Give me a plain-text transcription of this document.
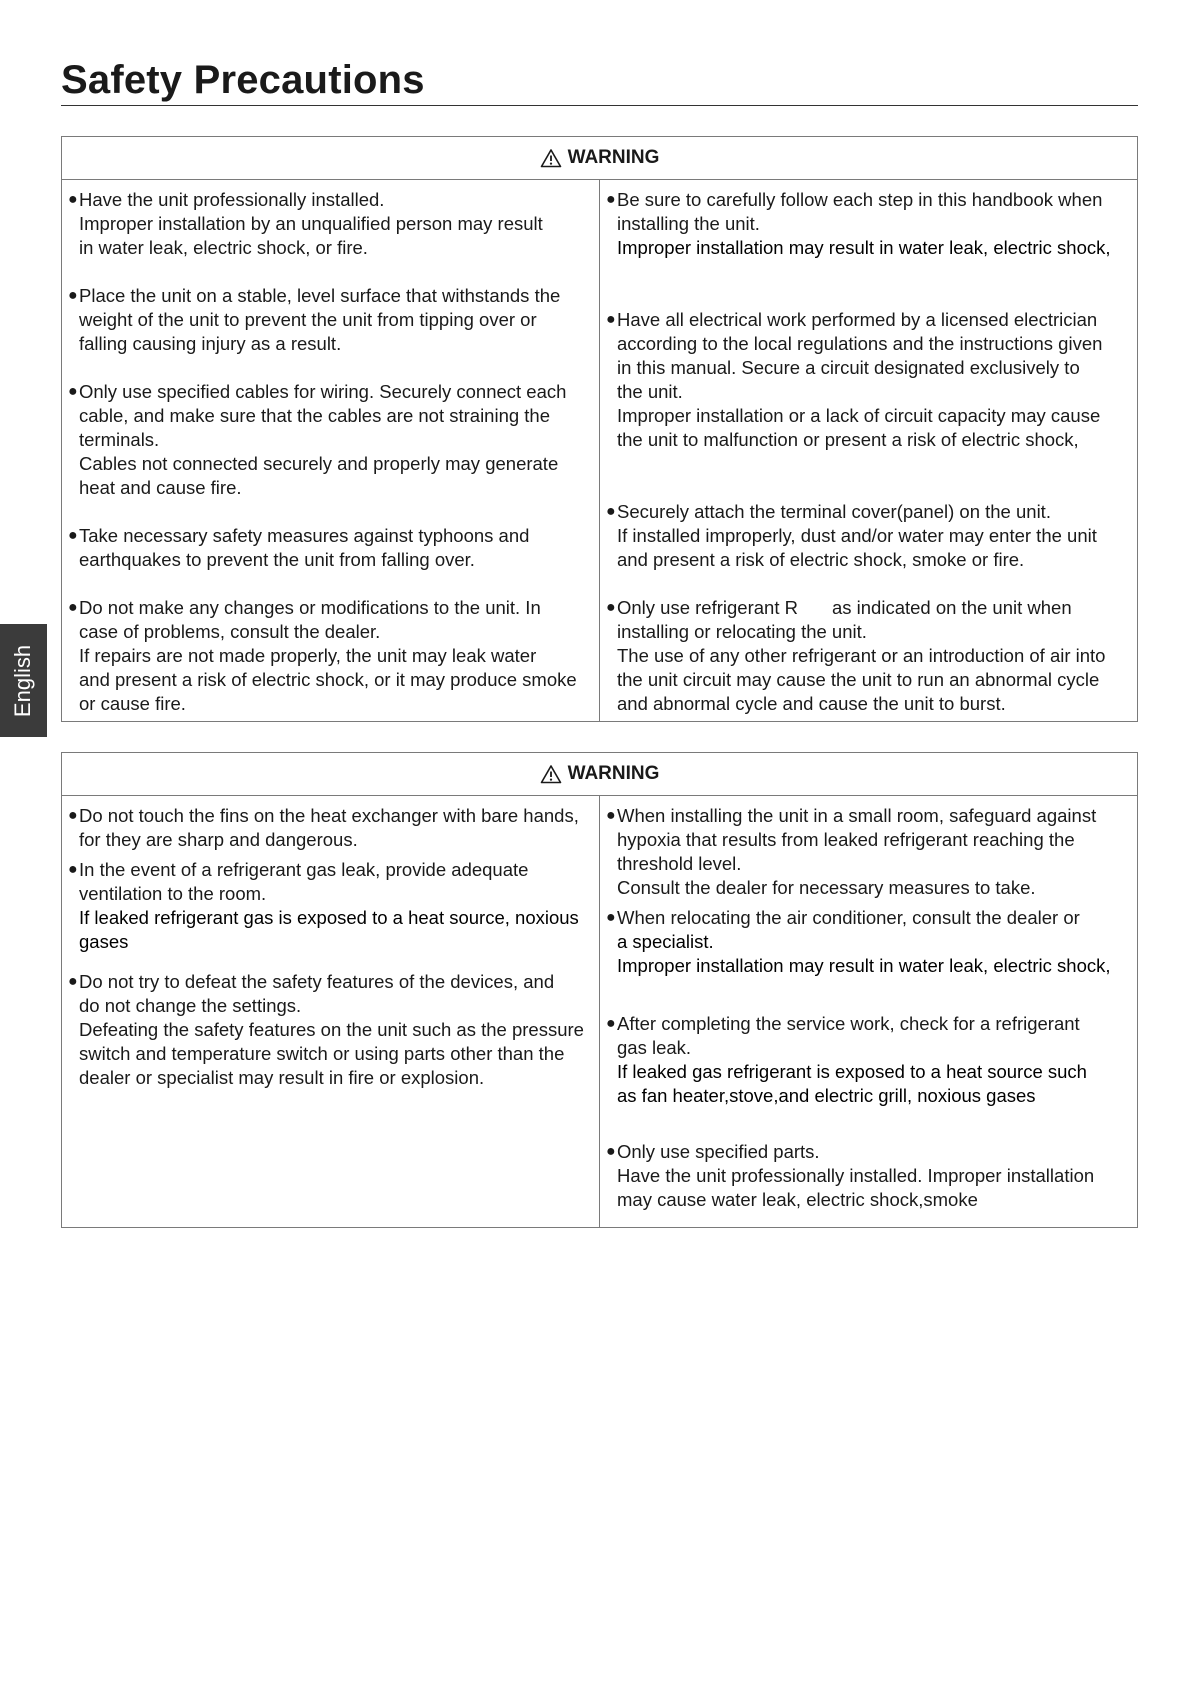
Safety Precautions
English
WARNING
● Have the unit professionally installed.
Improper installation by an unqualified person may result
in water leak, electric shock, or fire.
● Place the unit on a stable, level surface that withstands the
weight of the unit to prevent the unit from tipping over or
falling causing injury as a result.
● Only use specified cables for wiring. Securely connect each
cable, and make sure that the cables are not straining the
terminals.
Cables not connected securely and properly may generate
heat and cause fire.
● Take necessary safety measures against typhoons and
earthquakes to prevent the unit from falling over.
● Do not make any changes or modifications to the unit. In
case of problems, consult the dealer.
If repairs are not made properly, the unit may leak water
and present a risk of electric shock, or it may produce smoke
or cause fire.
● Be sure to carefully follow each step in this handbook when
installing the unit.
Improper installation may result in water leak, electric shock,
● Have all electrical work performed by a licensed electrician
according to the local regulations and the instructions given
in this manual. Secure a circuit designated exclusively to
the unit.
Improper installation or a lack of circuit capacity may cause
the unit to malfunction or present a risk of electric shock,
● Securely attach the terminal cover(panel) on the unit.
If installed improperly, dust and/or water may enter the unit
and present a risk of electric shock, smoke or fire.
● Only use refrigerant R as indicated on the unit when
installing or relocating the unit.
The use of any other refrigerant or an introduction of air into
the unit circuit may cause the unit to run an abnormal cycle
and abnormal cycle and cause the unit to burst.
WARNING
● Do not touch the fins on the heat exchanger with bare hands,
for they are sharp and dangerous.
● In the event of a refrigerant gas leak, provide adequate
ventilation to the room.
If leaked refrigerant gas is exposed to a heat source, noxious
gases
● Do not try to defeat the safety features of the devices, and
do not change the settings.
Defeating the safety features on the unit such as the pressure
switch and temperature switch or using parts other than the
dealer or specialist may result in fire or explosion.
● When installing the unit in a small room, safeguard against
hypoxia that results from leaked refrigerant reaching the
threshold level.
Consult the dealer for necessary measures to take.
● When relocating the air conditioner, consult the dealer or
a specialist.
Improper installation may result in water leak, electric shock,
● After completing the service work, check for a refrigerant
gas leak.
If leaked gas refrigerant is exposed to a heat source such
as fan heater,stove,and electric grill, noxious gases
● Only use specified parts.
Have the unit professionally installed. Improper installation
may cause water leak, electric shock,smoke
